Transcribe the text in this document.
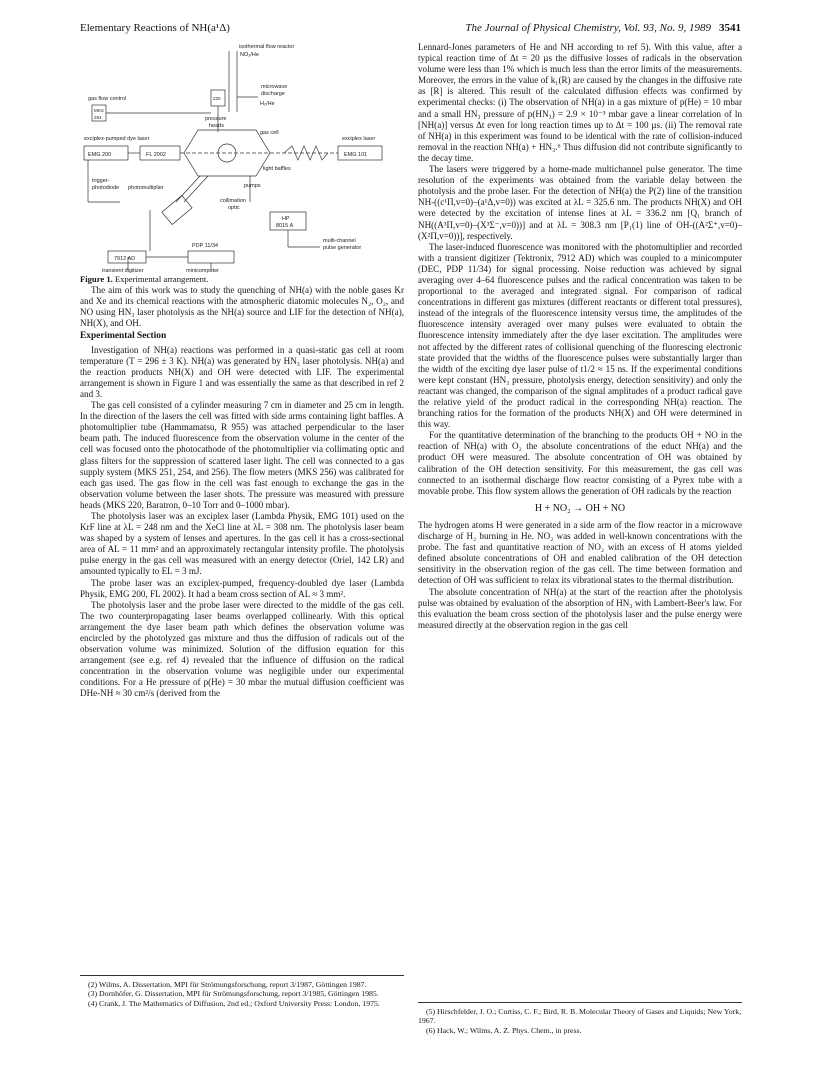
Elementary Reactions of NH(a¹Δ)	The Journal of Physical Chemistry, Vol. 93, No. 9, 1989 3541
isothermal flow reactor
NO₂/He
gas flow control
MKS
254
220
microwave
discharge
H₂/He
pressure
heads
gas cell
exciplex-pumped dye laser	exciplex laser
EMG 200	FL 2002	EMG 101
light baffles
trigger-
photodiode photomultiplier	pumps
collimation
optic
HP
8015 A
multi-channel
pulse generator
PDP 11/34
7912 AD
transient digitizer	minicomputer

Figure 1. Experimental arrangement.

The aim of this work was to study the quenching of NH(a) with the noble gases Kr and Xe and its chemical reactions with the atmospheric diatomic molecules N₂, O₂, and NO using HN₃ laser photolysis as the NH(a) source and LIF for the detection of NH(a), NH(X), and OH.

Experimental Section

Investigation of NH(a) reactions was performed in a quasi-static gas cell at room temperature (T = 296 ± 3 K). NH(a) was generated by HN₃ laser photolysis. NH(a) and the reaction products NH(X) and OH were detected with LIF. The experimental arrangement is shown in Figure 1 and was essentially the same as that described in ref 2 and 3.

The gas cell consisted of a cylinder measuring 7 cm in diameter and 25 cm in length. In the direction of the lasers the cell was fitted with side arms containing light baffles. A photomultiplier tube (Hammamatsu, R 955) was attached perpendicular to the laser beam path. The induced fluorescence from the observation volume in the center of the cell was focused onto the photocathode of the photomultiplier via collimating optic and glass filters for the suppression of scattered laser light. The cell was connected to a gas supply system (MKS 251, 254, and 256). The flow meters (MKS 256) was calibrated for each gas used. The gas flow in the cell was fast enough to exchange the gas in the observation volume between the laser shots. The pressure was measured with pressure heads (MKS 220, Baratron, 0–10 Torr and 0–1000 mbar).

The photolysis laser was an exciplex laser (Lambda Physik, EMG 101) used on the KrF line at λL = 248 nm and the XeCl line at λL = 308 nm. The photolysis laser beam was shaped by a system of lenses and apertures. In the gas cell it has a cross-sectional area of AL = 11 mm² and an approximately rectangular intensity profile. The photolysis pulse energy in the gas cell was measured with an energy detector (Oriel, 142 LR) and amounted typically to EL = 3 mJ.

The probe laser was an exciplex-pumped, frequency-doubled dye laser (Lambda Physik, EMG 200, FL 2002). It had a beam cross section of AL ≈ 3 mm².

The photolysis laser and the probe laser were directed to the middle of the gas cell. The two counterpropagating laser beams overlapped collinearly. With this optical arrangement the dye laser beam path which defines the observation volume was encircled by the photolyzed gas mixture and thus the diffusion of radicals out of the observation volume was minimized. Solution of the diffusion equation for this arrangement (see e.g. ref 4) revealed that the influence of diffusion on the radical concentration in the observation volume was negligible under our experimental conditions. For a He pressure of p(He) = 30 mbar the mutual diffusion coefficient was DHe-NH ≈ 30 cm²/s (derived from the

Lennard-Jones parameters of He and NH according to ref 5). With this value, after a typical reaction time of Δt = 20 µs the diffusive losses of radicals in the observation volume were less than 1% which is much less than the error limits of the measurements. Moreover, the errors in the value of k₁(R) are caused by the changes in the diffusive rate as [R] is altered. This result of the calculated diffusion effects was confirmed by experimental checks: (i) The observation of NH(a) in a gas mixture of p(He) = 10 mbar and a small HN₃ pressure of p(HN₃) = 2.9 × 10⁻³ mbar gave a linear correlation of ln [NH(a)] versus Δt even for long reaction times up to Δt = 100 µs. (ii) The removal rate of NH(a) in this experiment was found to be identical with the rate of collision-induced removal in the reaction NH(a) + HN₃.⁶ Thus diffusion did not contribute significantly to the decay time.

The lasers were triggered by a home-made multichannel pulse generator. The time resolution of the experiments was obtained from the variable delay between the photolysis and the probe laser. For the detection of NH(a) the P(2) line of the transition NH-((c¹Π,v=0)–(a¹Δ,v=0)) was excited at λL = 325.6 nm. The products NH(X) and OH were detected by the excitation of intense lines at λL = 336.2 nm [Q₁ branch of NH((A³Π,v=0)–(X³Σ⁻,v=0))] and at λL = 308.3 nm [P₁(1) line of OH-((A²Σ⁺,v=0)–(X²Π,v=0))], respectively.

The laser-induced fluorescence was monitored with the photomultiplier and recorded with a transient digitizer (Tektronix, 7912 AD) which was coupled to a minicomputer (DEC, PDP 11/34) for signal processing. Noise reduction was achieved by signal averaging over 4–64 fluorescence pulses and the radical concentration was taken to be proportional to the averaged and integrated signal. For comparison of radical concentrations in different gas mixtures (different reactants or different total pressures), instead of the integrals of the fluorescence intensity versus time, the amplitudes of the fluorescence intensity averaged over many pulses were evaluated to obtain the fluorescence intensity immediately after the dye laser excitation. The amplitudes were not affected by the different rates of collisional quenching of the fluorescing electronic state provided that the widths of the fluorescence pulses were substantially larger than the width of the exciting dye laser pulse of t1/2 ≈ 15 ns. If the experimental conditions were kept constant (HN₃ pressure, photolysis energy, detection sensitivity) and only the reactant was changed, the comparison of the signal amplitudes of a product radical gave the relative yield of the product radical in the corresponding NH(a) reaction. The branching ratios for the formation of the products NH(X) and OH were determined in this way.

For the quantitative determination of the branching to the products OH + NO in the reaction of NH(a) with O₂ the absolute concentrations of the educt NH(a) and the product OH were measured. The absolute concentration of OH was obtained by calibration of the OH detection sensitivity. For this measurement, the gas cell was connected to an isothermal discharge flow reactor consisting of a Pyrex tube with a movable probe. This flow system allows the generation of OH radicals by the reaction

H + NO₂ → OH + NO

The hydrogen atoms H were generated in a side arm of the flow reactor in a microwave discharge of H₂ burning in He. NO₂ was added in well-known concentrations with the probe. The fast and quantitative reaction of NO₂ with an excess of H atoms yielded defined absolute concentrations of OH and enabled calibration of the OH detection sensitivity in the observation region of the gas cell. The time between formation and detection of OH was sufficient to relax its vibrational states to the thermal distribution.

The absolute concentration of NH(a) at the start of the reaction after the photolysis pulse was obtained by evaluation of the absorption of HN₃ with Lambert-Beer's law. For this evaluation the beam cross section of the photolysis laser and the pulse energy were measured directly at the observation region in the gas cell

(2) Wilms, A. Dissertation, MPI für Strömungsforschung, report 3/1987, Göttingen 1987.
(3) Dornhöfer, G. Dissertation, MPI für Strömungsforschung, report 3/1985, Göttingen 1985.
(4) Crank, J. The Mathematics of Diffusion, 2nd ed.; Oxford University Press: London, 1975.
(5) Hirschfelder, J. O.; Curtiss, C. F.; Bird, R. B. Molecular Theory of Gases and Liquids; New York, 1967.
(6) Hack, W.; Wilms, A. Z. Phys. Chem., in press.
